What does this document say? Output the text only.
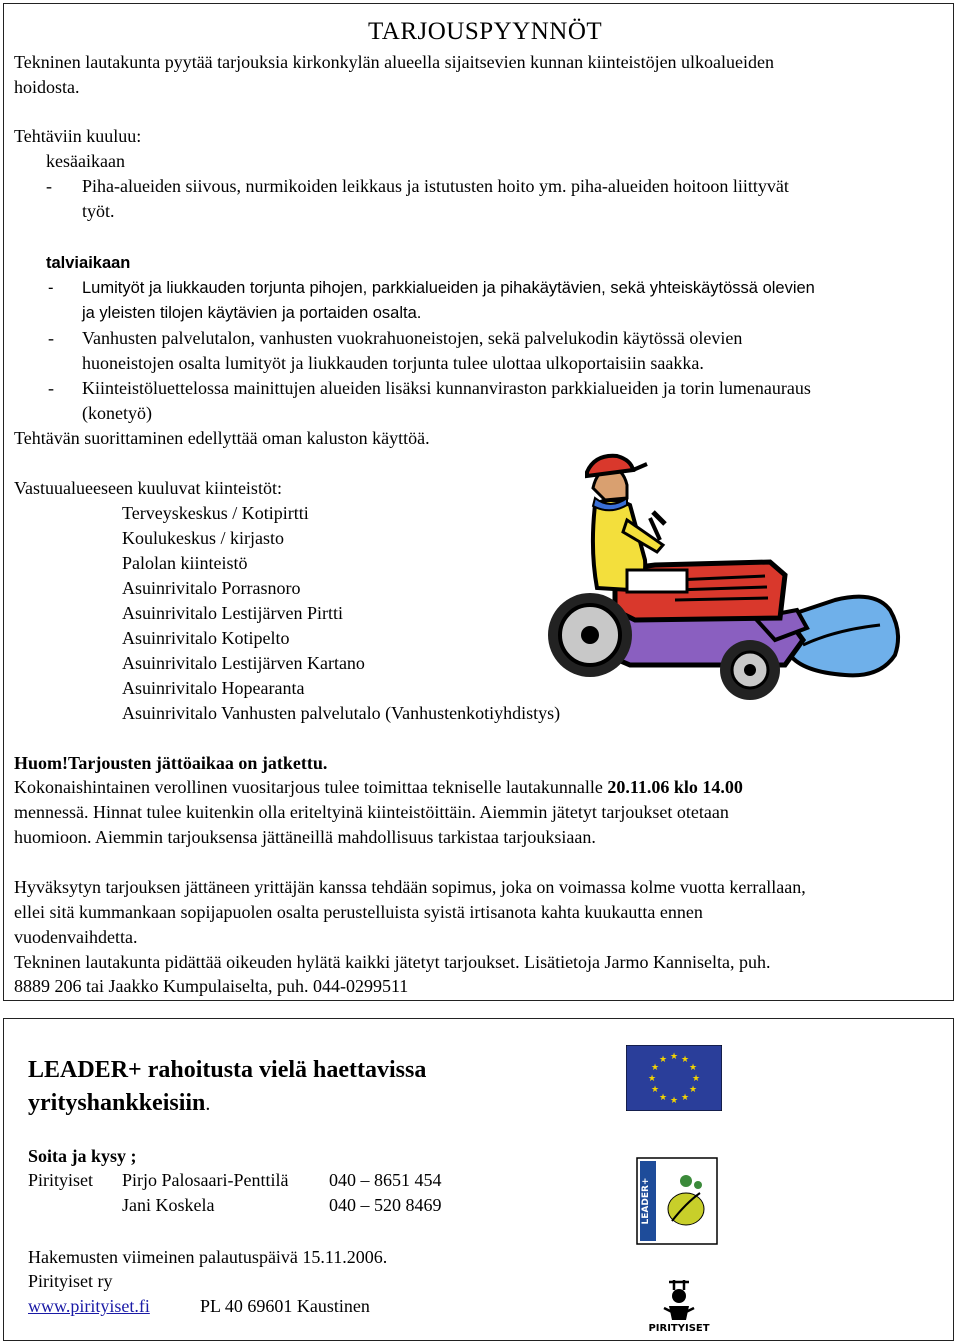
TARJOUSPYYNNÖT
Tekninen lautakunta pyytää tarjouksia kirkonkylän alueella sijaitsevien kunnan kiinteistöjen ulkoalueiden
hoidosta.
Tehtäviin kuuluu:
kesäaikaan
- Piha-alueiden siivous, nurmikoiden leikkaus ja istutusten hoito ym. piha-alueiden hoitoon liittyvät
työt.
talviaikaan
- Lumityöt ja liukkauden torjunta pihojen, parkkialueiden ja pihakäytävien, sekä yhteiskäytössä olevien
ja yleisten tilojen käytävien ja portaiden osalta.
- Vanhusten palvelutalon, vanhusten vuokrahuoneistojen, sekä palvelukodin käytössä olevien
huoneistojen osalta lumityöt ja liukkauden torjunta tulee ulottaa ulkoportaisiin saakka.
- Kiinteistöluettelossa mainittujen alueiden lisäksi kunnanviraston parkkialueiden ja torin lumenauraus
(konetyö)
Tehtävän suorittaminen edellyttää oman kaluston käyttöä.
Vastuualueeseen kuuluvat kiinteistöt:
Terveyskeskus / Kotipirtti
Koulukeskus / kirjasto
Palolan kiinteistö
Asuinrivitalo Porrasnoro
Asuinrivitalo Lestijärven Pirtti
Asuinrivitalo Kotipelto
Asuinrivitalo Lestijärven Kartano
Asuinrivitalo Hopearanta
Asuinrivitalo Vanhusten palvelutalo (Vanhustenkotiyhdistys)
Huom!Tarjousten jättöaikaa on jatkettu.
Kokonaishintainen verollinen vuositarjous tulee toimittaa tekniselle lautakunnalle 20.11.06 klo 14.00
mennessä. Hinnat tulee kuitenkin olla eriteltyinä kiinteistöittäin. Aiemmin jätetyt tarjoukset otetaan
huomioon. Aiemmin tarjouksensa jättäneillä mahdollisuus tarkistaa tarjouksiaan.
Hyväksytyn tarjouksen jättäneen yrittäjän kanssa tehdään sopimus, joka on voimassa kolme vuotta kerrallaan,
ellei sitä kummankaan sopijapuolen osalta perustelluista syistä irtisanota kahta kuukautta ennen
vuodenvaihdetta.
Tekninen lautakunta pidättää oikeuden hylätä kaikki jätetyt tarjoukset. Lisätietoja Jarmo Kanniselta, puh.
8889 206 tai Jaakko Kumpulaiselta, puh. 044-0299511
LEADER+ rahoitusta vielä haettavissa
yrityshankkeisiin.
Soita ja kysy ;
Pirityiset Pirjo Palosaari-Penttilä 040 – 8651 454
Jani Koskela	040 – 520 8469
Hakemusten viimeinen palautuspäivä 15.11.2006.
Pirityiset ry
www.pirityiset.fi	PL 40 69601 Kaustinen
★ ★
★
★
★
★
★
★
★
★
★
★
LEADER+
PIRITYISET
